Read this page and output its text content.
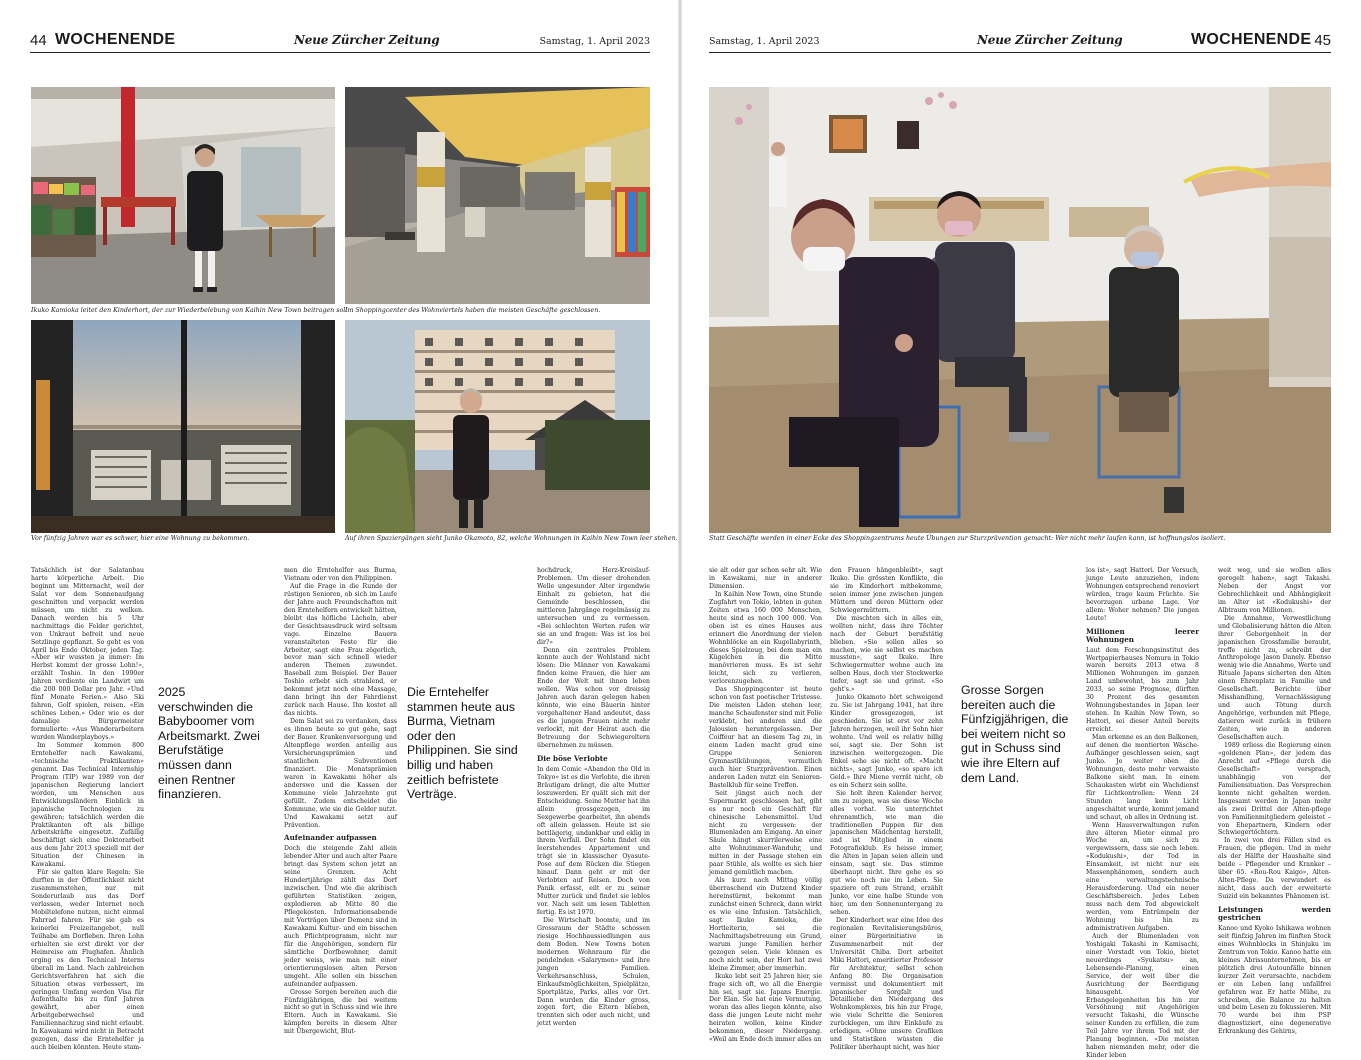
44 WOCHENENDE	Neue Zürcher Zeitung	Samstag, 1. April 2023
Ikuko Kamioka leitet den Kinderhort, der zur Wiederbelebung von Kaihin New Town beitragen soll.
Im Shoppingcenter des Wohnviertels haben die meisten Geschäfte geschlossen.
Vor fünfzig Jahren war es schwer, hier eine Wohnung zu bekommen.	Auf ihren Spaziergängen sieht Junko Okamoto, 82, welche Wohnungen in Kaihin New Town leer stehen.

Tatsächlich ist der Salatanbau harte körperliche Arbeit. Die beginnt um Mitternacht, weil der Salat vor dem Sonnenaufgang geschnitten und verpackt werden müssen, um nicht zu welken. Danach werden bis 5 Uhr nachmittags die Felder gerichtet, von Unkraut befreit und neue Setzlinge gepflanzt. So geht es von April bis Ende Oktober, jeden Tag. «Aber wir wussten ja immer: Im Herbst kommt der grosse Lohn!», erzählt Toshio. In den 1990er Jahren verdiente ein Landwirt um die 200 000 Dollar pro Jahr. «Und fünf Monate Ferien.» Also Ski fahren, Golf spielen, reisen. «Ein schönes Leben.» Oder wie es der damalige Bürgermeister formulierte: «Aus Wanderarbeitern wurden Wanderplayboys.»

Im Sommer kommen 800 Erntehelfer nach Kawakami, «technische Praktikanten» genannt. Das Technical Internship Program (TIP) war 1989 von der japanischen Regierung lanciert worden, um Menschen aus Entwicklungsländern Einblick in japanische Technologien zu gewähren; tatsächlich werden die Praktikanten oft als billige Arbeitskräfte eingesetzt. Zufällig beschäftigt sich eine Doktorarbeit aus dem Jahr 2013 speziell mit der Situation der Chinesen in Kawakami.

Für sie galten klare Regeln: Sie durften in der Öffentlichkeit nicht zusammenstehen, nur mit Sonderurlaub aus das Dorf verlassen, weder Internet noch Mobiltelefone nutzen, nicht einmal Fahrrad fahren. Für sie gab es keinerlei Freizeitangebot, null Teilhabe am Dorfleben. Ihren Lohn erhielten sie erst direkt vor der Heimreise am Flughafen. Ähnlich erging es den Technical Interns überall im Land. Nach zahlreichen Gerichtsverfahren hat sich die Situation etwas verbessert, im geringen Umfang werden Visa für Aufenthalte bis zu fünf Jahren gewährt, aber einen Arbeitgeberwechsel und Familiennachzug sind nicht erlaubt. In Kawakami wird nicht in Betracht gezogen, dass die Erntehelfer ja auch bleiben könnten. Heute stam-

2025 verschwinden die Babyboomer vom Arbeitsmarkt. Zwei Berufstätige müssen dann einen Rentner finanzieren.

men die Erntehelfer aus Burma, Vietnam oder von den Philippinen.

Auf die Frage in die Runde der rüstigen Senioren, ob sich im Laufe der Jahre auch Freundschaften mit den Erntehelfern entwickelt hätten, bleibt das höfliche Lächeln, aber der Gesichtsausdruck wird seltsam vage. Einzelne Bauern veranstalteten Feste für die Arbeiter, sagt eine Frau zögerlich, bevor man sich schnell wieder anderen Themen zuwendet. Baseball zum Beispiel. Der Bauer Toshio erhebt sich strahlend, er bekommt jetzt noch eine Massage, dann bringt ihn der Fahrdienst zurück nach Hause. Ihn kostet all das nichts.

Dem Salat sei zu verdanken, dass es ihnen heute so gut gehe, sagt der Bauer. Krankenversorgung und Altenpflege werden anteilig aus Versicherungsprämien und staatlichen Subventionen finanziert. Die Monatsprämien waren in Kawakami höher als anderswo und die Kassen der Kommune viele Jahrzehnte gut gefüllt. Zudem entscheidet die Kommune, wie sie die Gelder nutzt. Und Kawakami setzt auf Prävention.

Aufeinander aufpassen

Doch die steigende Zahl allein lebender Alter und auch alter Paare bringt das System schon jetzt an seine Grenzen. Acht Hundertjährige zählt das Dorf inzwischen. Und wie die akribisch geführten Statistiken zeigen, explodieren ab Mitte 80 die Pflegekosten. Informationsabende mit Vorträgen über Demenz sind in Kawakami Kultur- und ein bisschen auch Pflichtprogramm, nicht nur für die Angehörigen, sondern für sämtliche Dorfbewohner, damit jeder weiss, wie man mit einer orientierungslosen alten Person umgeht. Alle sollen ein bisschen aufeinander aufpassen.

Grosse Sorgen bereiten auch die Fünfzigjährigen, die bei weitem nicht so gut in Schuss sind wie ihre Eltern. Auch in Kawakami. Sie kämpfen bereits in diesem Alter mit Übergewicht, Blut-

Die Erntehelfer stammen heute aus Burma, Vietnam oder den Philippinen. Sie sind billig und haben zeitlich befristete Verträge.

hochdruck, Herz-Kreislauf-Problemen. Um dieser drohenden Welle ungesunder Alter irgendwie Einhalt zu gebieten, hat die Gemeinde beschlossen, die mittleren Jahrgänge regelmässig zu untersuchen und zu vermessen. «Bei schlechten Werten rufen wir sie an und fragen: Was ist los bei dir?»

Denn ein zentrales Problem konnte auch der Wohlstand nicht lösen: Die Männer von Kawakami finden keine Frauen, die hier am Ende der Welt mit ihnen leben wollen. Was schon vor dreissig Jahren auch daran gelegen haben könnte, wie eine Bäuerin hinter vorgehaltener Hand andeutet, dass es die jungen Frauen nicht mehr verlockt, mit der Heirat auch die Betreuung der Schwiegereltern übernehmen zu müssen.

Die böse Verlobte

In dem Comic «Abandon the Old in Tokyo» ist es die Verlobte, die ihren Bräutigam drängt, die alte Mutter loszuwerden. Er quält sich mit der Entscheidung. Seine Mutter hat ihn allein grossgezogen, im Sexgewerbe gearbeitet, ihn abends oft allein gelassen. Heute ist sie bettlägerig, undankbar und eklig in ihrem Verfall. Der Sohn findet ein leerstehendes Appartement und trägt sie in klassischer Oyasute-Pose auf dem Rücken die Stiegen hinauf. Dann geht er mit der Verlobten auf Reisen. Doch von Panik erfasst, eilt er zu seiner Mutter zurück und findet sie leblos vor. Nach seit um lesen Tabletten fertig. Es ist 1970.

Die Wirtschaft boomte, und im Grossraum der Städte schossen riesige Hochhaussiedlungen aus dem Boden. New Towns boten modernen Wohnraum für die pendelnden «Salarymen» und ihre jungen Familien. Verkehrsanschluss, Schulen, Einkaufsmöglichkeiten, Spielplätze, Sportplätze, Parks, alles vor Ort. Dann wurden die Kinder gross, zogen fort, die Eltern blieben, trennten sich oder auch nicht, und jetzt werden

Samstag, 1. April 2023	Neue Zürcher Zeitung	WOCHENENDE 45
Statt Geschäfte werden in einer Ecke des Shoppingzentrums heute Übungen zur Sturzprävention gemacht: Wer nicht mehr laufen kann, ist hoffnungslos isoliert.

sie alt oder gar schon sehr alt. Wie in Kawakami, nur in anderer Dimension.

In Kaihin New Town, eine Stunde Zugfahrt von Tokio, lebten in guten Zeiten etwa 160 000 Menschen, heute sind es noch 100 000. Von oben ist es eines Hauses aus erinnert die Anordnung der vielen Wohnblöcke an ein Kugellabyrinth, dieses Spielzeug, bei dem man ein Kügelchen in die Mitte manövrieren muss. Es ist sehr leicht, sich zu verlieren, verlorenzugehen.

Das Shoppingcenter ist heute schon von fast poetischer Tristesse. Die meisten Läden stehen leer, manche Schaufenster sind mit Folie verklebt, bei anderen sind die Jalousien heruntergelassen. Der Coiffeur hat an diesem Tag zu, in einem Laden macht grad eine Gruppe Senioren Gymnastikübungen, vermutlich auch hier Sturzprävention. Einen anderen Laden nutzt ein Senioren-Bastelklub für seine Treffen.

Seit jüngst auch noch der Supermarkt geschlossen hat, gibt es nur noch ein Geschäft für chinesische Lebensmittel. Und nicht zu vergessen: der Blumenladen am Eingang. An einer Säule hängt skurrilerweise eine alte Wohnzimmer-Wanduhr, und mitten in der Passage stehen ein paar Stühle, als wollte es sich hier jemand gemütlich machen.

Als kurz nach Mittag völlig überraschend ein Dutzend Kinder hereinstürmt, bekommt man zunächst einen Schreck, dann wirkt es wie eine Infusion. Tatsächlich, sagt Ikuko Kamioka, die Hortleiterin, sei die Nachmittagsbetreuung ein Grund, warum junge Familien herber gezogen seien. Viele können es noch nicht sein, der Hort hat zwei kleine Zimmer, aber immerhin.

Ikuko lebt seit 25 Jahren hier, sie frage sich oft, wo all die Energie hin sei, sagt sie. Japans Energie. Der Elan. Sie hat eine Vermutung, woran das alles liegen könnte, also dass die jungen Leute nicht mehr heiraten wollen, keine Kinder bekommen, dieser Niedergang. «Weil am Ende doch immer alles an

den Frauen hängenbleibt», sagt Ikuko. Die grössten Konflikte, die sie im Kinderhort mitbekomme, seien immer jene zwischen jungen Müttern und deren Müttern oder Schwiegermüttern.

Die mischten sich in alles ein, wollten nicht, dass ihre Töchter nach der Geburt berufstätig blieben. «Sie sollen alles so machen, wie sie selbst es machen mussten», sagt Ikuko. Ihre Schwiegermutter wohne auch im selben Haus, doch vier Stockwerke tiefer, sagt sie und grinst. «So geht's.»

Junko Okamoto hört schweigend zu. Sie ist Jahrgang 1941, hat ihre Kinder grossgezogen, ist geschieden. Sie ist erst vor zehn Jahren herzogen, weil ihr Sohn hier wohnte. Und weil es relativ billig sei, sagt sie. Der Sohn ist inzwischen weitergezogen. Die Enkel sehe sie nicht oft. «Macht nichts», sagt Junko, «so spare ich Geld.» Ihre Miene verrät nicht, ob es ein Scherz sein sollte.

Sie holt ihren Kalender hervor, um zu zeigen, was sie diese Woche alles vorhat. Sie unterrichtet ehrenamtlich, wie man die traditionellen Puppen für den japanischen Mädchentag herstellt, und ist Mitglied in einem Fotografieklub. Es heisse immer, die Alten in Japan seien allein und einsam, sagt sie. Das stimme überhaupt nicht. Ihre gehe es so gut wie noch nie im Leben. Sie spaziere oft zum Strand, erzählt Junko, vor eine halbe Stunde von hier, um den Sonnenuntergang zu sehen.

Der Kinderhort war eine Idee des regionalen Revitalisierungsbüros, einer Bürgerinitiative in Zusammenarbeit mit der Universität Chiba. Dort arbeitet Miki Hattori, emeritierter Professor für Architektur, selbst schon Anfang 80. Die Organisation vermisst und dokumentiert mit japanischer Sorgfalt und Detailliebe den Niedergang des Wohnkomplexes, bis hin zur Frage, wie viele Schritte die Senioren zurücklegen, um ihre Einkäufe zu erledigen. «Ohne unsere Grafiken und Statistiken wüssten die Politiker überhaupt nicht, was hier

Grosse Sorgen bereiten auch die Fünfzigjährigen, die bei weitem nicht so gut in Schuss sind wie ihre Eltern auf dem Land.

los ist», sagt Hattori. Der Versuch, junge Leute anzuziehen, indem Wohnungen entsprechend renoviert würden, trage kaum Früchte. Sie bevorzugen urbane Lage. Vor allem: Woher nehmen? Die jungen Leute!

Millionen leerer Wohnungen

Laut dem Forschungsinstitut des Wertpapierhauses Nomura in Tokio waren bereits 2013 etwa 8 Millionen Wohnungen im ganzen Land unbewohnt, bis zum Jahr 2033, so seine Prognose, dürften 30 Prozent des gesamten Wohnungsbestandes in Japan leer stehen. In Kaihin New Town, so Hattori, sei dieser Anteil bereits erreicht.

Man erkenne es an den Balkonen, auf denen die montierten Wäsche-Aufhänger geschlossen seien, sagt Junko. Je weiter oben die Wohnungen, desto mehr verwaiste Balkone sieht man. In einem Schaukasten wirbt ein Wachdienst für Lichtkontrollen: Wenn 24 Stunden lang kein Licht angeschaltet wurde, kommt jemand und schaut, ob alles in Ordnung ist.

Wenn Hausverwaltungen rufen ihre älteren Mieter einmal pro Woche an, um sich zu vergewissern, dass sie noch leben. «Kodukushi», der Tod in Einsamkeit, ist nicht nur ein Massenphänomen, sondern auch eine verwaltungstechnische Herausforderung. Und ein neuer Geschäftsbereich. Jedes Leben muss nach dem Tod abgewickelt werden, vom Entrümpeln der Wohnung bis hin zu administrativen Aufgaben.

Auch der Blumenladen von Yoshigaki Takashi in Kamisachi, einer Vorstadt von Tokio, bietet neuerdings «Syukatsu» an, Lebensende-Planung, einen Service, der weit über die Ausrichtung der Beerdigung hinausgeht. Vor Erbangelegenheiten bis hin zur Versöhnung mit Angehörigen versucht Takashi, die Wünsche seiner Kunden zu erfüllen, die zum Teil Jahre vor ihrem Tod mit der Planung beginnen. «Die meisten haben niemanden mehr, oder die Kinder leben

weit weg, und sie wollen alles geregelt haben», sagt Takashi. Neben der Angst vor Gebrechlichkeit und Abhängigkeit im Alter ist «Kodukushi» der Albtraum von Millionen.

Die Annahme, Verwestlichung und Globalisierung hätten die Alten ihrer Geborgenheit in der japanischen Grossfamilie beraubt, treffe nicht zu, schreibt der Anthropologe Jason Danely. Ebenso wenig wie die Annahme, Werte und Rituale Japans sicherten den Alten einen Ehrenplatz in Familie und Gesellschaft. Berichte über Misshandlung, Vernachlässigung und auch Tötung durch Angehörige, verbunden mit Pflege, datieren weit zurück in frühere Zeiten, wie in anderen Gesellschaften auch.

1989 erliess die Regierung einen «goldenen Plan», der jedem das Anrecht auf «Pflege durch die Gesellschaft» versprach, unabhängig von der Familiensituation. Das Versprechen konnte nicht gehalten werden. Insgesamt werden in Japan mehr als zwei Drittel der Alten-pflege von Familienmitgliedern geleistet – von Ehepartnern, Kindern oder Schwiegertöchtern.

In zwei von drei Fällen sind es Frauen, die pflegen. Und in mehr als der Hälfte der Haushalte sind beide – Pflegender und Kranker – über 65. «Rou-Rou Kaigo», Alten-Alten-Pflege. Da verwundert es nicht, dass auch der erweiterte Suizid ein bekanntes Phänomen ist.

Leistungen werden gestrichen

Kanoo und Kyoko Ishikawa wohnen seit fünfzig Jahren im fünften Stock eines Wohnblocks in Shinjuku im Zentrum von Tokio. Kanoo hatte ein kleines Abrissunternehmen, bis er plötzlich drei Autounfälle binnen kurzer Zeit verursachte, nachdem er ein Leben lang unfallfrei gefahren war. Er hatte Mühe, zu schreiben, die Balance zu halten und beim Lesen zu fokussieren. Mit 70 wurde bei ihm PSP diagnostiziert, eine degenerative Erkrankung des Gehirns,
